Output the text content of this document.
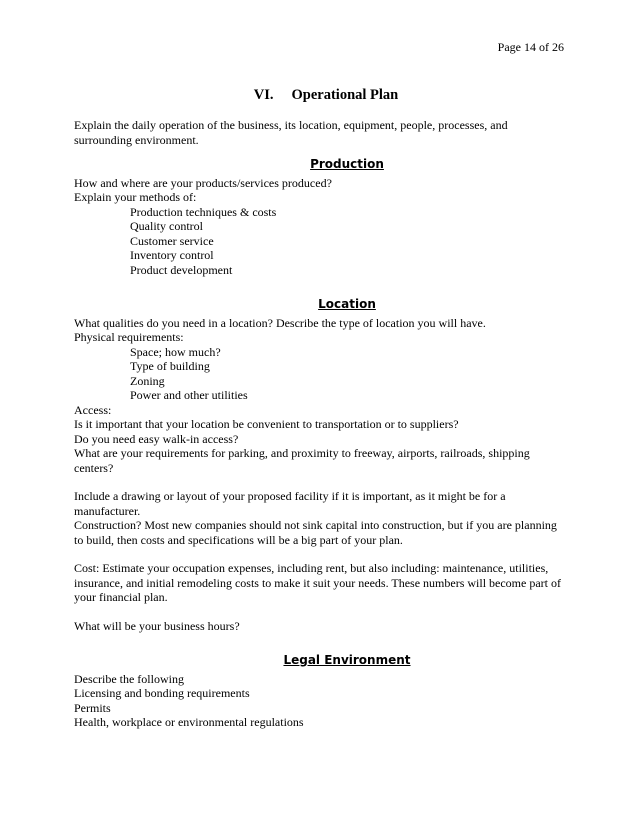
Page 14 of 26
VI. Operational Plan

Explain the daily operation of the business, its location, equipment, people, processes, and surrounding environment.

Production

How and where are your products/services produced?

Explain your methods of:

Production techniques & costs

Quality control

Customer service

Inventory control

Product development

Location

What qualities do you need in a location? Describe the type of location you will have.

Physical requirements:

Space; how much?

Type of building

Zoning

Power and other utilities

Access:

Is it important that your location be convenient to transportation or to suppliers?

Do you need easy walk-in access?

What are your requirements for parking, and proximity to freeway, airports, railroads, shipping centers?

Include a drawing or layout of your proposed facility if it is important, as it might be for a manufacturer.

Construction? Most new companies should not sink capital into construction, but if you are planning to build, then costs and specifications will be a big part of your plan.

Cost: Estimate your occupation expenses, including rent, but also including: maintenance, utilities, insurance, and initial remodeling costs to make it suit your needs. These numbers will become part of your financial plan.

What will be your business hours?

Legal Environment

Describe the following

Licensing and bonding requirements

Permits

Health, workplace or environmental regulations
